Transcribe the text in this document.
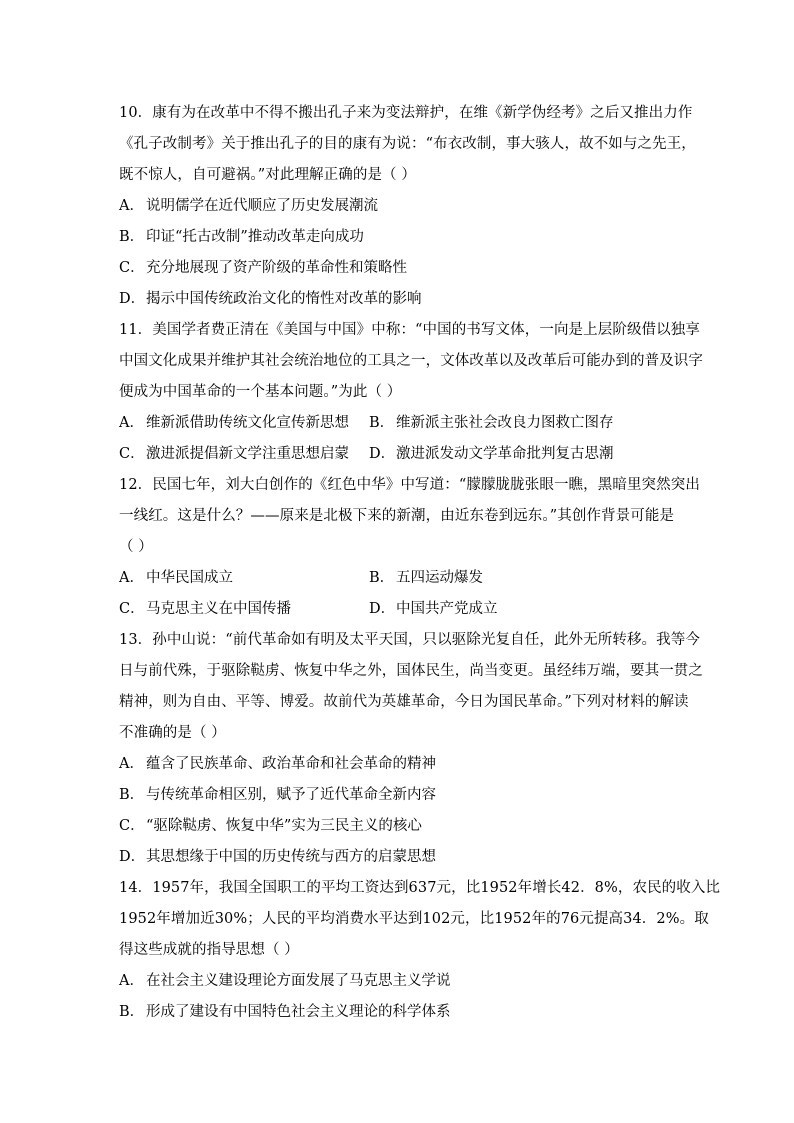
10．康有为在改革中不得不搬出孔子来为变法辩护，在维《新学伪经考》之后又推出力作
《孔子改制考》关于推出孔子的目的康有为说：“布衣改制，事大骇人，故不如与之先王，
既不惊人，自可避祸。”对此理解正确的是（ ）
A． 说明儒学在近代顺应了历史发展潮流
B． 印证“托古改制”推动改革走向成功
C． 充分地展现了资产阶级的革命性和策略性
D． 揭示中国传统政治文化的惰性对改革的影响
11．美国学者费正清在《美国与中国》中称：“中国的书写文体，一向是上层阶级借以独享
中国文化成果并维护其社会统治地位的工具之一，文体改革以及改革后可能办到的普及识字
便成为中国革命的一个基本问题。”为此（ ）
A． 维新派借助传统文化宣传新思想	B． 维新派主张社会改良力图救亡图存
C．激进派提倡新文学注重思想启蒙	D．激进派发动文学革命批判复古思潮
12．民国七年，刘大白创作的《红色中华》中写道：“朦朦胧胧张眼一瞧，黑暗里突然突出
一线红。这是什么？——原来是北极下来的新潮，由近东卷到远东。”其创作背景可能是
（ ）
A． 中华民国成立	B． 五四运动爆发
C．马克思主义在中国传播	D．中国共产党成立
13．孙中山说：“前代革命如有明及太平天国，只以驱除光复自任，此外无所转移。我等今
日与前代殊，于驱除鞑虏、恢复中华之外，国体民生，尚当变更。虽经纬万端，要其一贯之
精神，则为自由、平等、博爱。故前代为英雄革命，今日为国民革命。”下列对材料的解读
不准确的是（ ）
A． 蕴含了民族革命、政治革命和社会革命的精神
B． 与传统革命相区别，赋予了近代革命全新内容
C． “驱除鞑虏、恢复中华”实为三民主义的核心
D． 其思想缘于中国的历史传统与西方的启蒙思想
14．1957年，我国全国职工的平均工资达到637元，比1952年增长42．8%，农民的收入比
1952年增加近30%；人民的平均消费水平达到102元，比1952年的76元提高34．2%。取
得这些成就的指导思想（ ）
A． 在社会主义建设理论方面发展了马克思主义学说
B． 形成了建设有中国特色社会主义理论的科学体系
